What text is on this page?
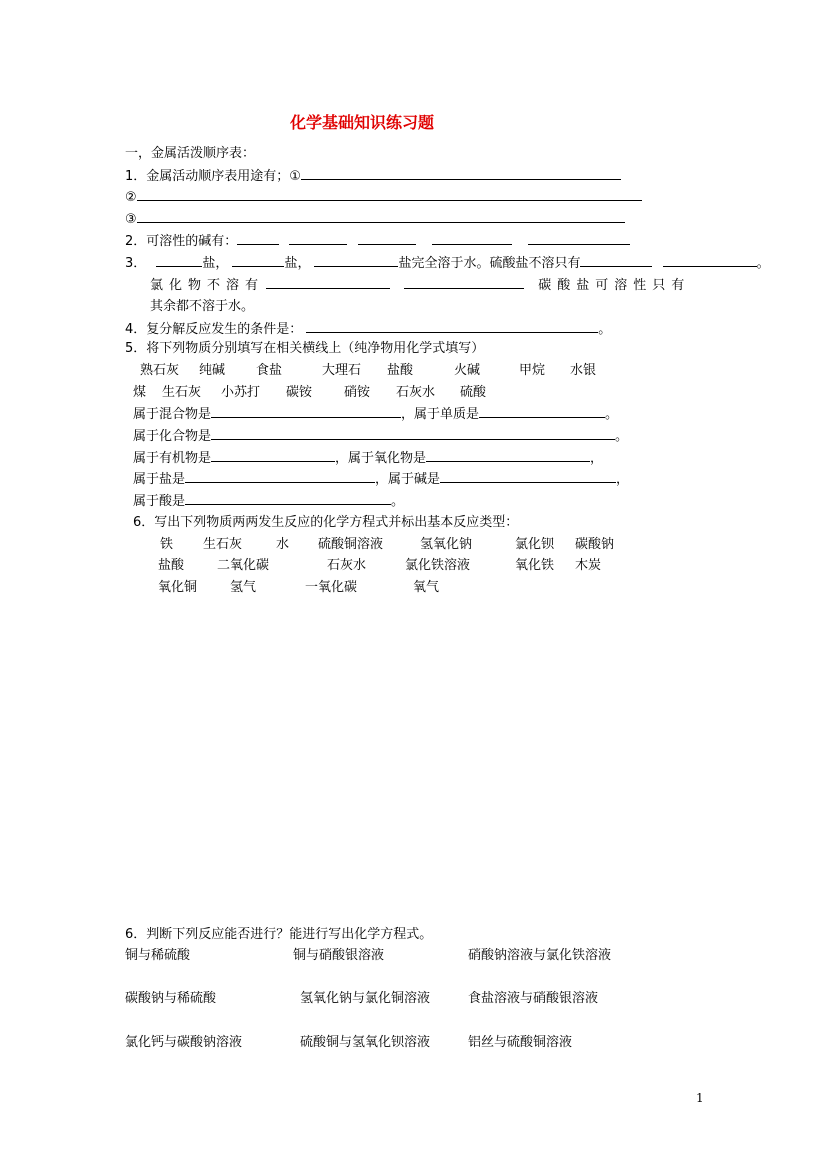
化学基础知识练习题
一，金属活泼顺序表：
1．金属活动顺序表用途有；①
②
③
2．可溶性的碱有：
3．	盐，	盐，	盐完全溶于水。硫酸盐不溶只有	。
氯化物不溶有	碳酸盐可溶性只有
其余都不溶于水。
4．复分解反应发生的条件是：	。
5．将下列物质分别填写在相关横线上（纯净物用化学式填写）
熟石灰 纯碱 食盐	大理石 盐酸	火碱	甲烷 水银
煤 生石灰 小苏打 碳铵 硝铵 石灰水 硫酸
属于混合物是	，属于单质是	。
属于化合物是	。
属于有机物是	，属于氧化物是	，
属于盐是	，属于碱是	，
属于酸是	。
6．写出下列物质两两发生反应的化学方程式并标出基本反应类型：
铁 生石灰	水 硫酸铜溶液	氢氧化钠	氯化钡 碳酸钠
盐酸	二氧化碳	石灰水	氯化铁溶液	氧化铁 木炭
氧化铜	氢气	一氧化碳	氧气
6．判断下列反应能否进行？能进行写出化学方程式。
铜与稀硫酸	铜与硝酸银溶液	硝酸钠溶液与氯化铁溶液
碳酸钠与稀硫酸	氢氧化钠与氯化铜溶液	食盐溶液与硝酸银溶液
氯化钙与碳酸钠溶液	硫酸铜与氢氧化钡溶液	铝丝与硫酸铜溶液
1
